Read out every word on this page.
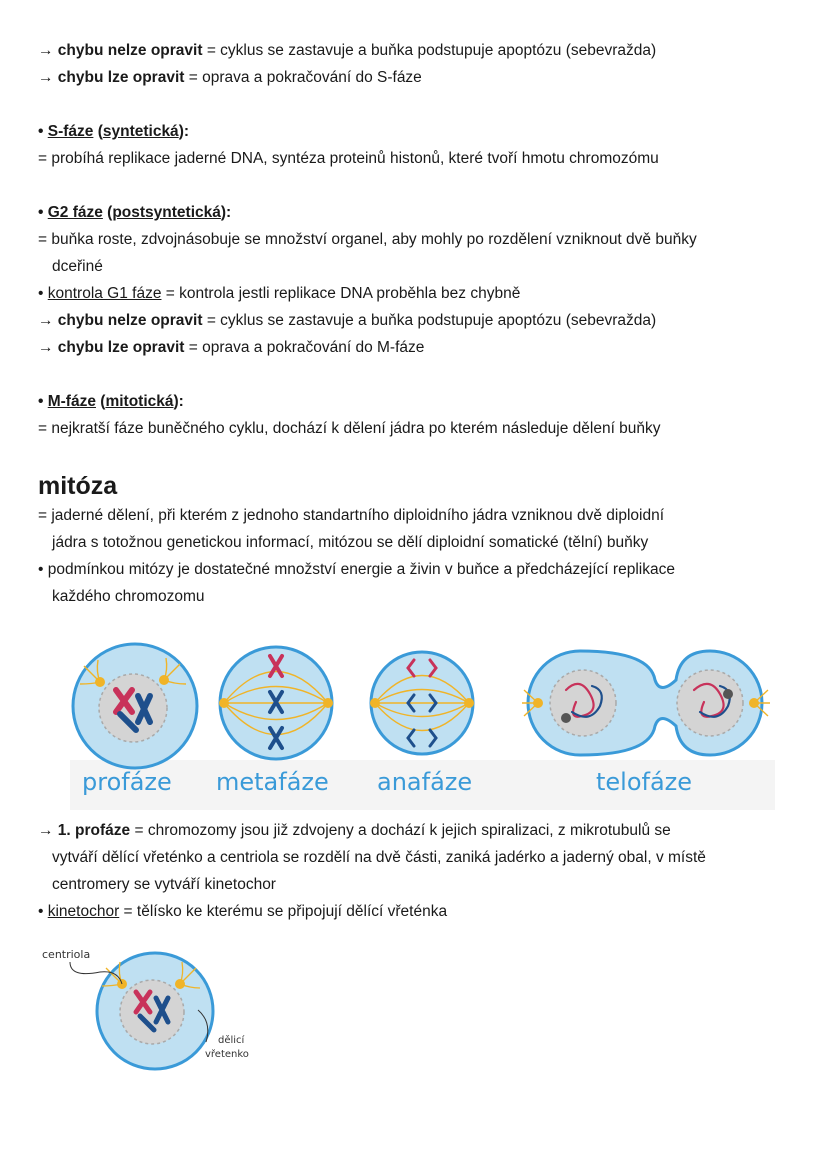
→ chybu nelze opravit = cyklus se zastavuje a buňka podstupuje apoptózu (sebevražda)
→ chybu lze opravit = oprava a pokračování do S-fáze
• S-fáze (syntetická):
= probíhá replikace jaderné DNA, syntéza proteinů histonů, které tvoří hmotu chromozómu
• G2 fáze (postsyntetická):
= buňka roste, zdvojnásobuje se množství organel, aby mohly po rozdělení vzniknout dvě buňky
dceřiné
• kontrola G1 fáze = kontrola jestli replikace DNA proběhla bez chybně
→ chybu nelze opravit = cyklus se zastavuje a buňka podstupuje apoptózu (sebevražda)
→ chybu lze opravit = oprava a pokračování do M-fáze
• M-fáze (mitotická):
= nejkratší fáze buněčného cyklu, dochází k dělení jádra po kterém následuje dělení buňky
mitóza
= jaderné dělení, při kterém z jednoho standartního diploidního jádra vzniknou dvě diploidní
jádra s totožnou genetickou informací, mitózou se dělí diploidní somatické (tělní) buňky
• podmínkou mitózy je dostatečné množství energie a živin v buňce a předcházející replikace
každého chromozomu
profáze metafáze anafáze	telofáze
centriola
dělicí
vřetenko
→ 1. profáze = chromozomy jsou již zdvojeny a dochází k jejich spiralizaci, z mikrotubulů se
vytváří dělící vřeténko a centriola se rozdělí na dvě části, zaniká jadérko a jaderný obal, v místě
centromery se vytváří kinetochor
• kinetochor = tělísko ke kterému se připojují dělící vřeténka
